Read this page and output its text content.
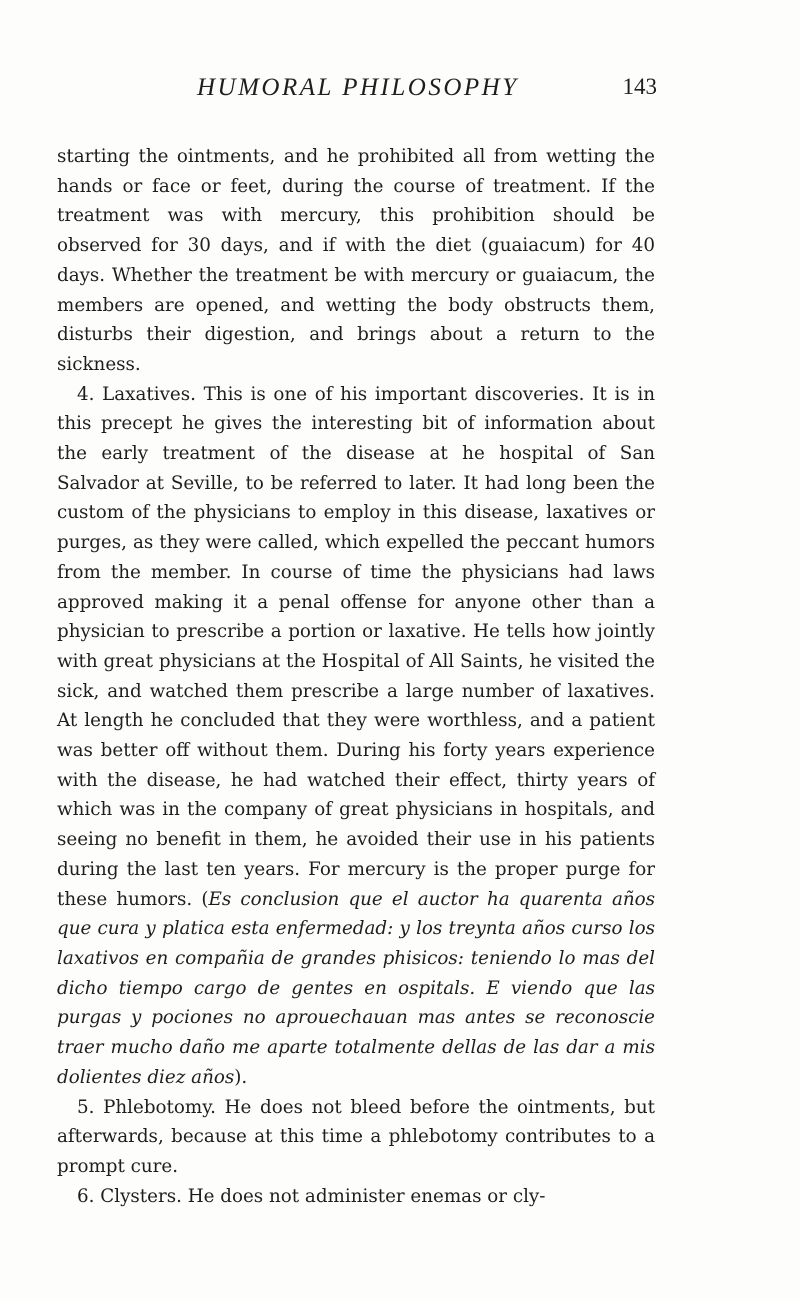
HUMORAL PHILOSOPHY	143

starting the ointments, and he prohibited all from wetting the hands or face or feet, during the course of treatment. If the treatment was with mercury, this prohibition should be observed for 30 days, and if with the diet (guaiacum) for 40 days. Whether the treatment be with mercury or guaiacum, the members are opened, and wetting the body obstructs them, disturbs their digestion, and brings about a return to the sickness.

4. Laxatives. This is one of his important discoveries. It is in this precept he gives the interesting bit of information about the early treatment of the disease at he hospital of San Salvador at Seville, to be referred to later. It had long been the custom of the physicians to employ in this disease, laxatives or purges, as they were called, which expelled the peccant humors from the member. In course of time the physicians had laws approved making it a penal offense for anyone other than a physician to prescribe a portion or laxative. He tells how jointly with great physicians at the Hospital of All Saints, he visited the sick, and watched them prescribe a large number of laxatives. At length he concluded that they were worthless, and a patient was better off without them. During his forty years experience with the disease, he had watched their effect, thirty years of which was in the company of great physicians in hospitals, and seeing no benefit in them, he avoided their use in his patients during the last ten years. For mercury is the proper purge for these humors. (Es conclusion que el auctor ha quarenta años que cura y platica esta enfermedad: y los treynta años curso los laxativos en compañia de grandes phisicos: teniendo lo mas del dicho tiempo cargo de gentes en ospitals. E viendo que las purgas y pociones no aprouechauan mas antes se reconoscie traer mucho daño me aparte totalmente dellas de las dar a mis dolientes diez años).

5. Phlebotomy. He does not bleed before the ointments, but afterwards, because at this time a phlebotomy contributes to a prompt cure.

6. Clysters. He does not administer enemas or cly-
